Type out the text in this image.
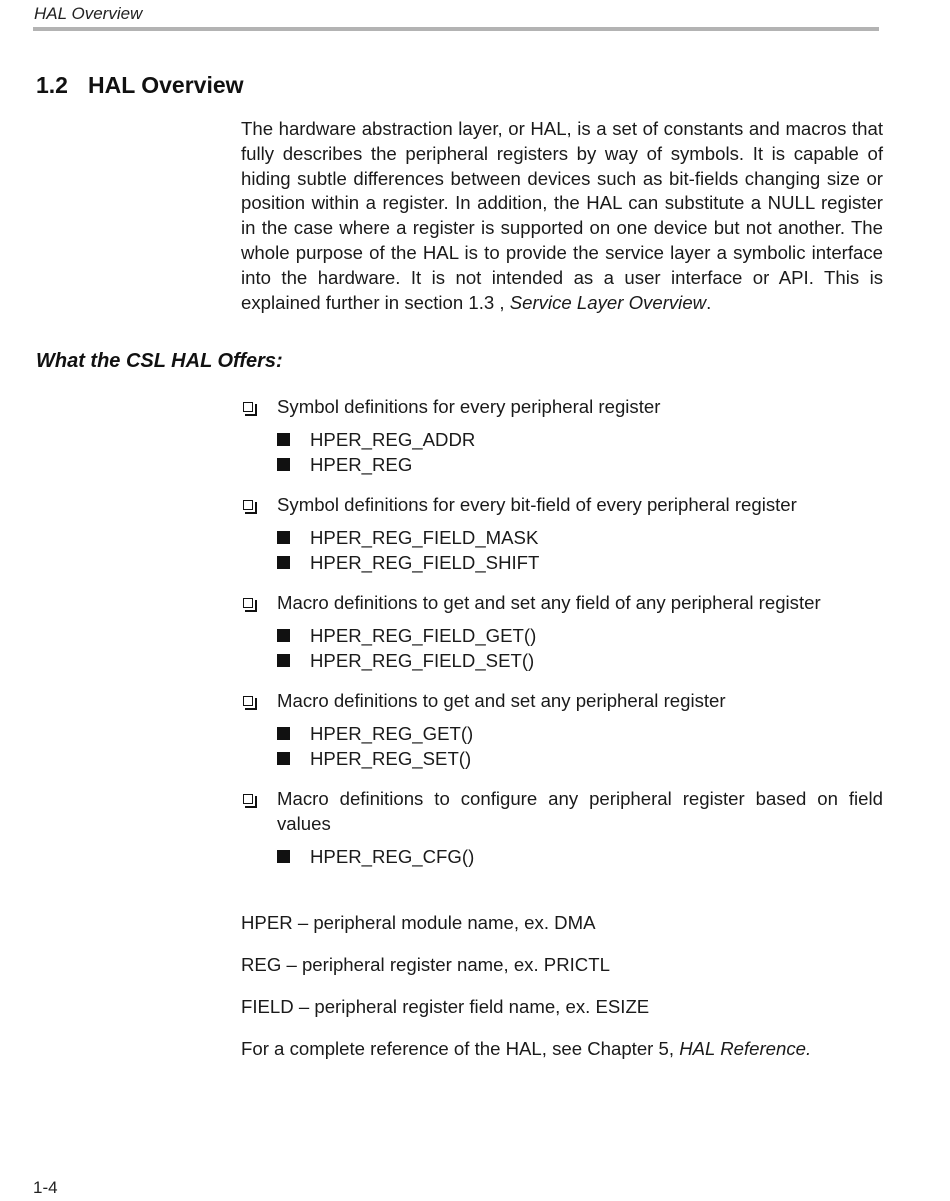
HAL Overview
1.2 HAL Overview

The hardware abstraction layer, or HAL, is a set of constants and macros that fully describes the peripheral registers by way of symbols. It is capable of hiding subtle differences between devices such as bit-fields changing size or position within a register. In addition, the HAL can substitute a NULL register in the case where a register is supported on one device but not another. The whole purpose of the HAL is to provide the service layer a symbolic interface into the hardware. It is not intended as a user interface or API. This is explained further in section 1.3 , Service Layer Overview.

What the CSL HAL Offers:
Symbol definitions for every peripheral register
HPER_REG_ADDR
HPER_REG
Symbol definitions for every bit-field of every peripheral register
HPER_REG_FIELD_MASK
HPER_REG_FIELD_SHIFT
Macro definitions to get and set any field of any peripheral register
HPER_REG_FIELD_GET()
HPER_REG_FIELD_SET()
Macro definitions to get and set any peripheral register
HPER_REG_GET()
HPER_REG_SET()
Macro definitions to configure any peripheral register based on field values
HPER_REG_CFG()

HPER – peripheral module name, ex. DMA

REG – peripheral register name, ex. PRICTL

FIELD – peripheral register field name, ex. ESIZE

For a complete reference of the HAL, see Chapter 5, HAL Reference.

1-4
